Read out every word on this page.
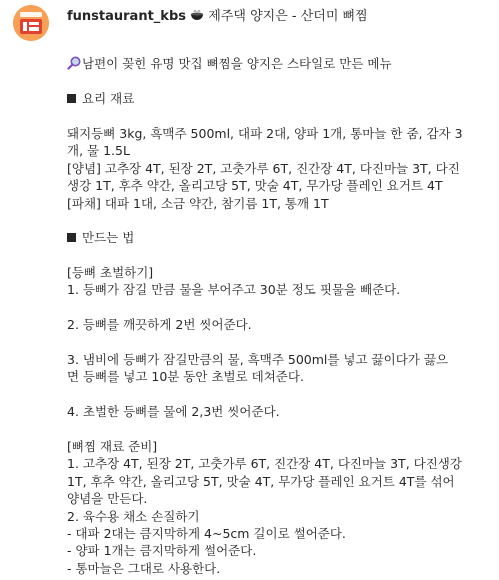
funstaurant_kbs 제주댁 양지은 - 산더미 뼈찜
남편이 꽂힌 유명 맛집 뼈찜을 양지은 스타일로 만든 메뉴
요리 재료
돼지등뼈 3kg, 흑맥주 500ml, 대파 2대, 양파 1개, 통마늘 한 줌, 감자 3
개, 물 1.5L
[양념] 고추장 4T, 된장 2T, 고춧가루 6T, 진간장 4T, 다진마늘 3T, 다진
생강 1T, 후추 약간, 올리고당 5T, 맛술 4T, 무가당 플레인 요거트 4T
[파채] 대파 1대, 소금 약간, 참기름 1T, 통깨 1T
만드는 법
[등뼈 초벌하기]
1. 등뼈가 잠길 만큼 물을 부어주고 30분 정도 핏물을 빼준다.
2. 등뼈를 깨끗하게 2번 씻어준다.
3. 냄비에 등뼈가 잠길만큼의 물, 흑맥주 500ml를 넣고 끓이다가 끓으
면 등뼈를 넣고 10분 동안 초벌로 데쳐준다.
4. 초벌한 등뼈를 물에 2,3번 씻어준다.
[뼈찜 재료 준비]
1. 고추장 4T, 된장 2T, 고춧가루 6T, 진간장 4T, 다진마늘 3T, 다진생강
1T, 후추 약간, 올리고당 5T, 맛술 4T, 무가당 플레인 요거트 4T를 섞어
양념을 만든다.
2. 육수용 채소 손질하기
- 대파 2대는 큼지막하게 4~5cm 길이로 썰어준다.
- 양파 1개는 큼지막하게 썰어준다.
- 통마늘은 그대로 사용한다.
